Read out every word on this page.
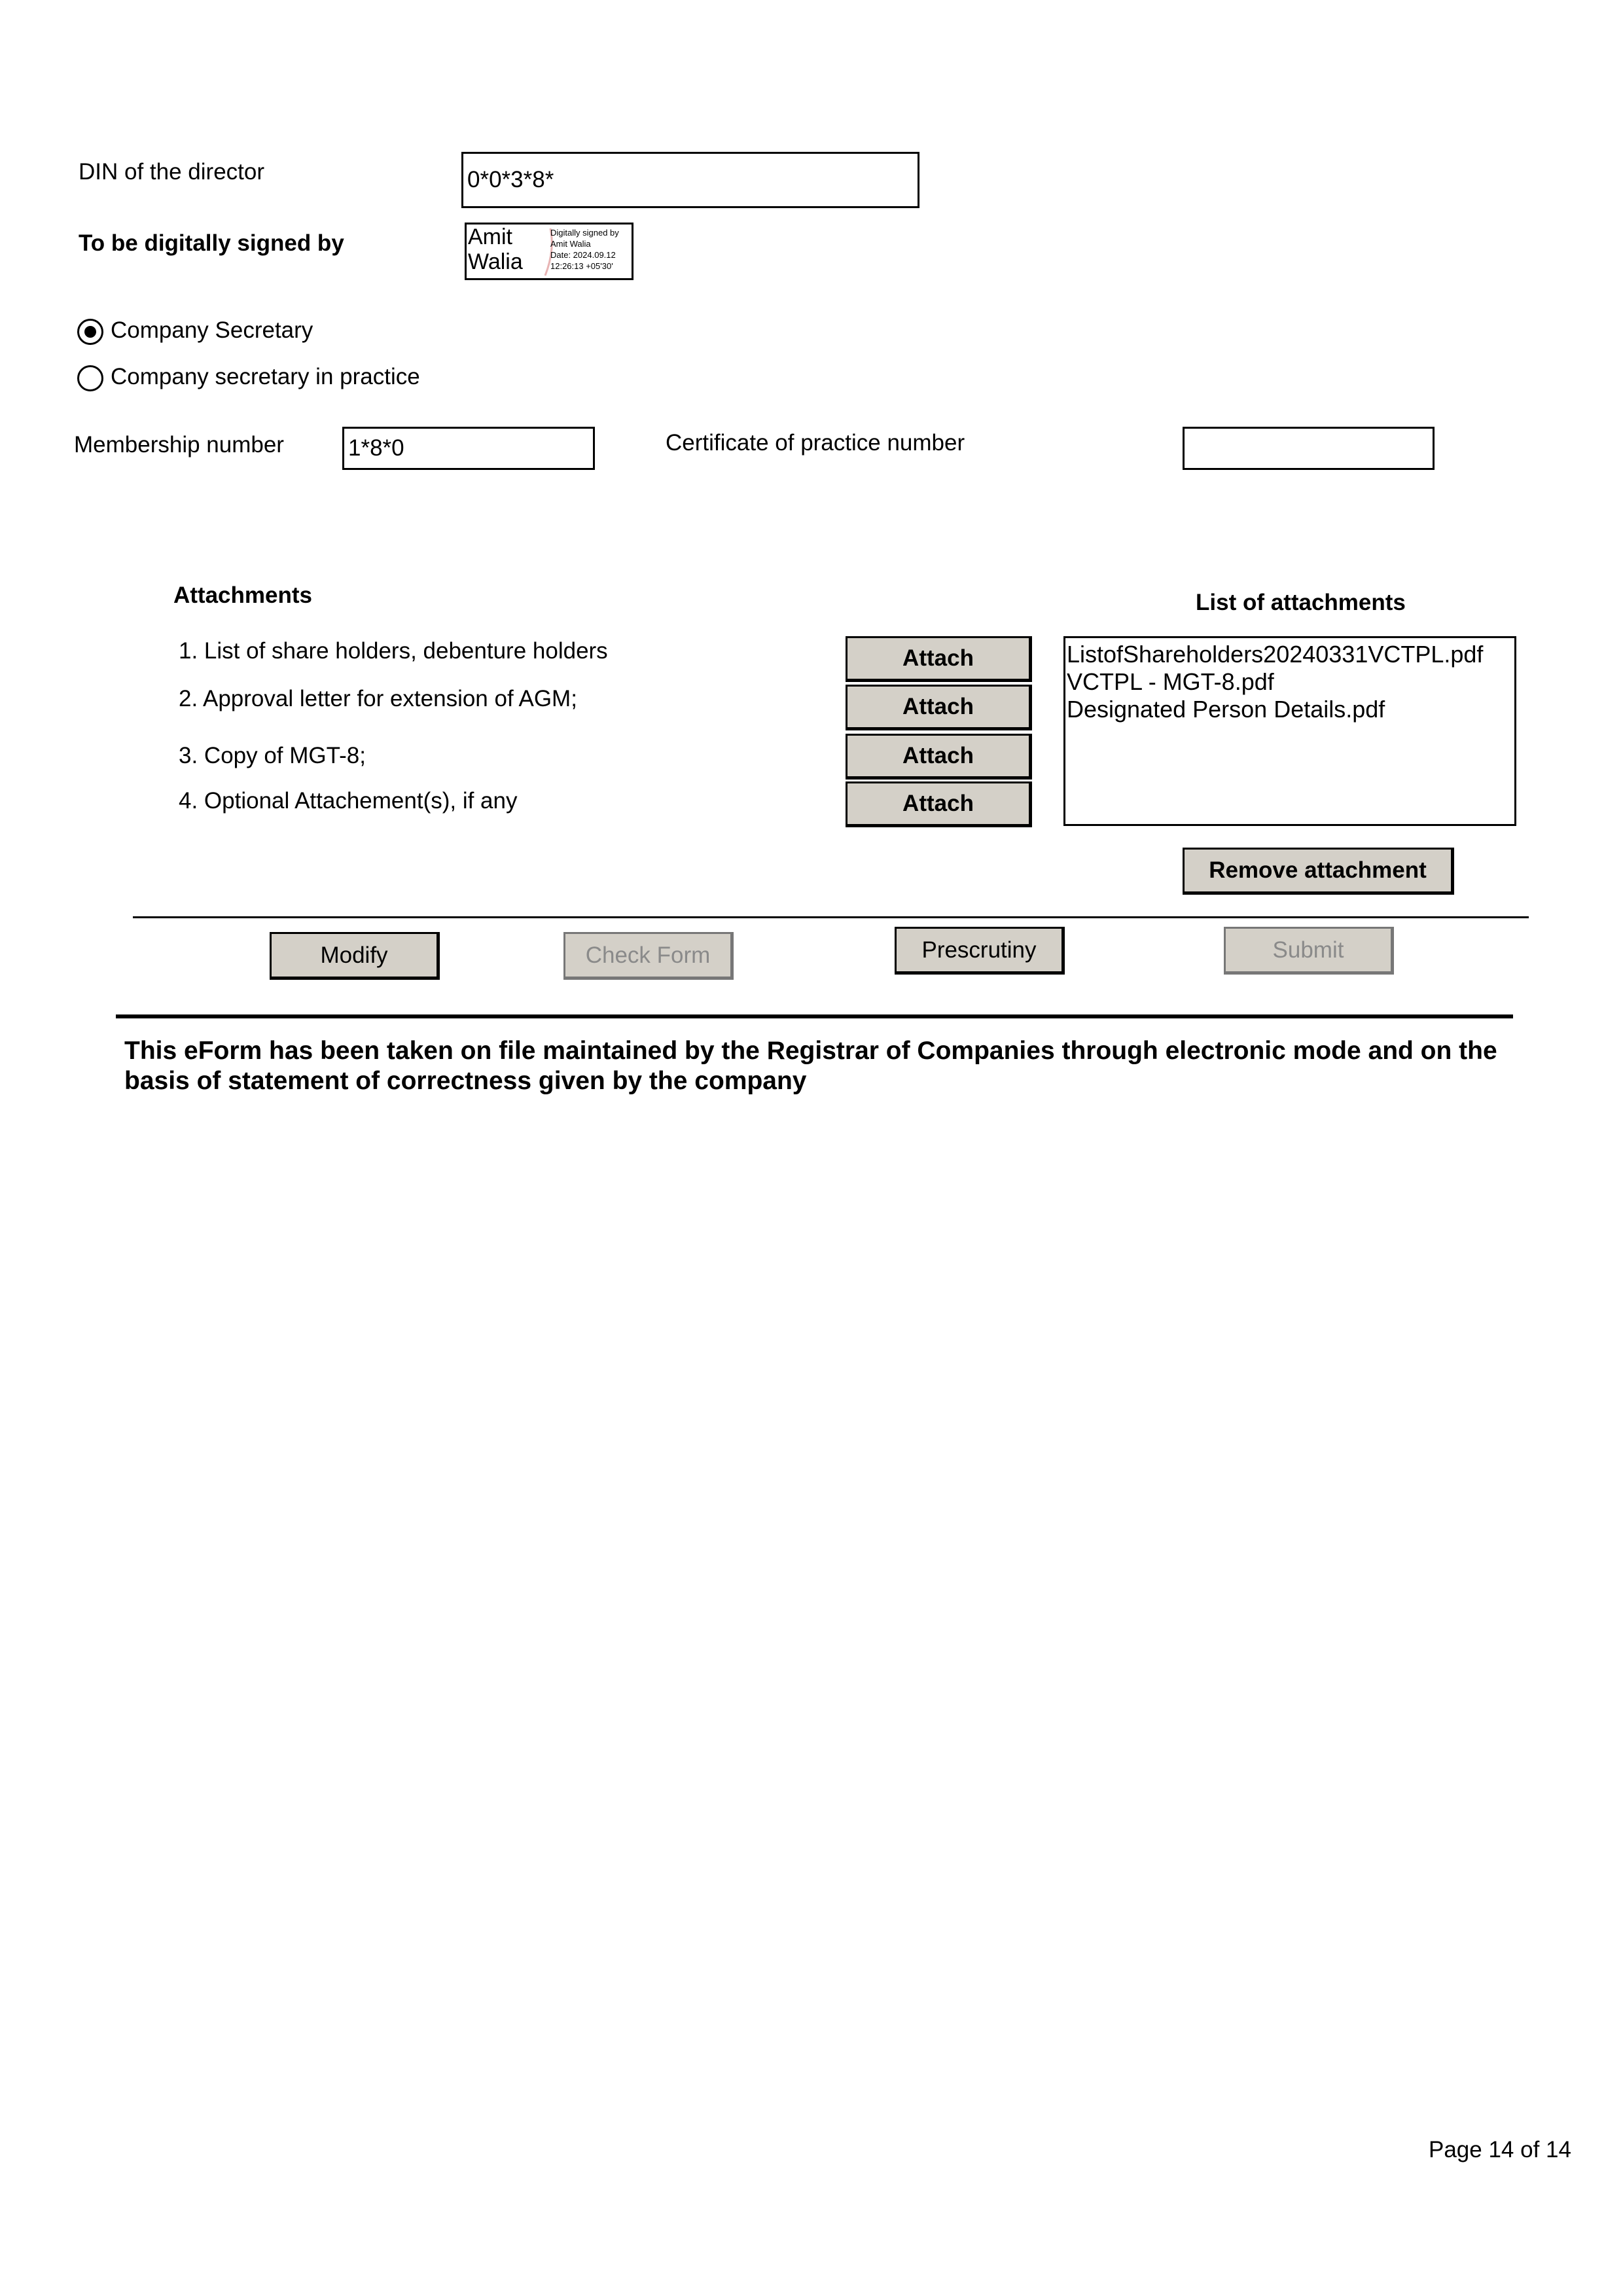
DIN of the director	0*0*3*8*
To be digitally signed by	Amit
Walia
Digitally signed by
Amit Walia
Date: 2024.09.12
12:26:13 +05'30'
Company Secretary
Company secretary in practice
Membership number	1*8*0	Certificate of practice number
Attachments	List of attachments
1. List of share holders, debenture holders
2. Approval letter for extension of AGM;
3. Copy of MGT-8;
4. Optional Attachement(s), if any
Attach
Attach
Attach
Attach
ListofShareholders20240331VCTPL.pdf
VCTPL - MGT-8.pdf
Designated Person Details.pdf
Remove attachment
Modify	Check Form	Prescrutiny	Submit
This eForm has been taken on file maintained by the Registrar of Companies through electronic mode and on the basis of statement of correctness given by the company
Page 14 of 14
